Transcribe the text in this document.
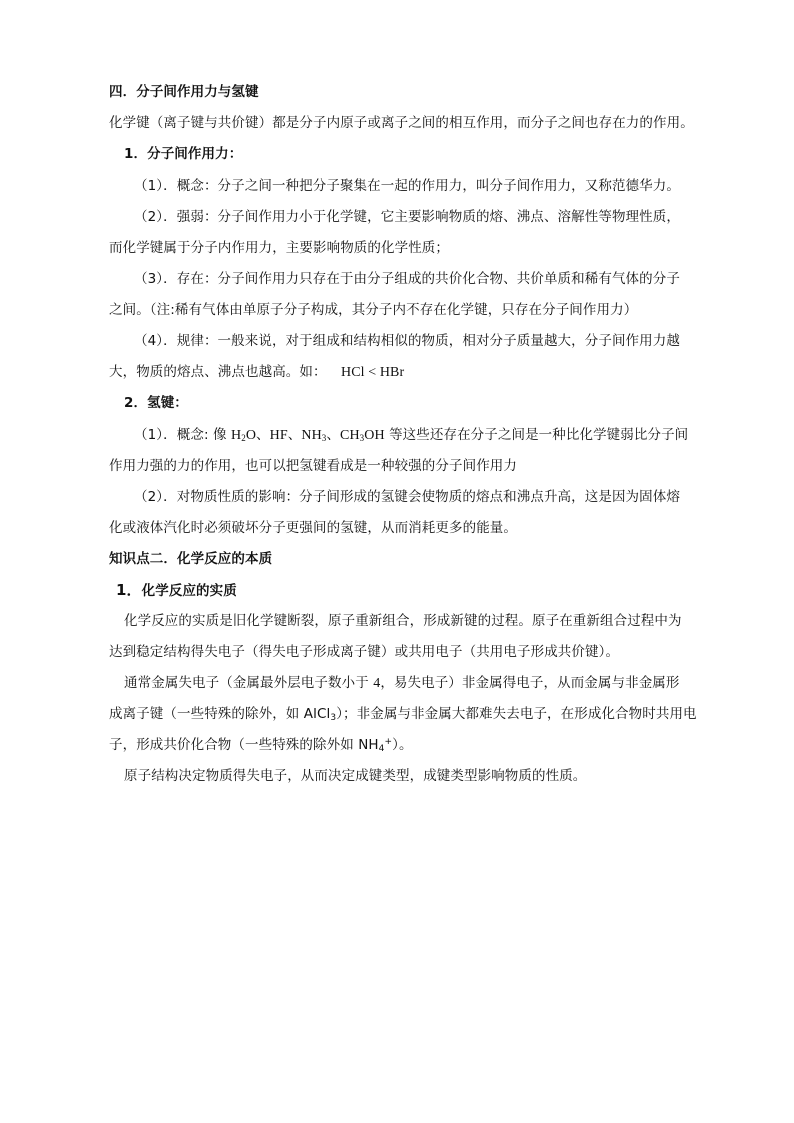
四．分子间作用力与氢键
化学键（离子键与共价键）都是分子内原子或离子之间的相互作用，而分子之间也存在力的作用。
1．分子间作用力：
（1）．概念：分子之间一种把分子聚集在一起的作用力，叫分子间作用力，又称范德华力。
（2）．强弱：分子间作用力小于化学键，它主要影响物质的熔、沸点、溶解性等物理性质，
而化学键属于分子内作用力，主要影响物质的化学性质；
（3）．存在：分子间作用力只存在于由分子组成的共价化合物、共价单质和稀有气体的分子
之间。（注:稀有气体由单原子分子构成，其分子内不存在化学键，只存在分子间作用力）
（4）．规律：一般来说，对于组成和结构相似的物质，相对分子质量越大，分子间作用力越
大，物质的熔点、沸点也越高。如： HCl < HBr
2．氢键：
（1）．概念: 像 $H_2O$、HF、$NH_3$、$CH_3OH$ 等这些还存在分子之间是一种比化学键弱比分子间
作用力强的力的作用，也可以把氢键看成是一种较强的分子间作用力
（2）．对物质性质的影响：分子间形成的氢键会使物质的熔点和沸点升高，这是因为固体熔
化或液体汽化时必须破坏分子更强间的氢键，从而消耗更多的能量。
知识点二．化学反应的本质
1．化学反应的实质
化学反应的实质是旧化学键断裂，原子重新组合，形成新键的过程。原子在重新组合过程中为
达到稳定结构得失电子（得失电子形成离子键）或共用电子（共用电子形成共价键）。
通常金属失电子（金属最外层电子数小于 4，易失电子）非金属得电子，从而金属与非金属形
成离子键（一些特殊的除外，如 AlCl$_3$）；非金属与非金属大都难失去电子，在形成化合物时共用电
子，形成共价化合物（一些特殊的除外如 $NH_4^+$）。
原子结构决定物质得失电子，从而决定成键类型，成键类型影响物质的性质。
